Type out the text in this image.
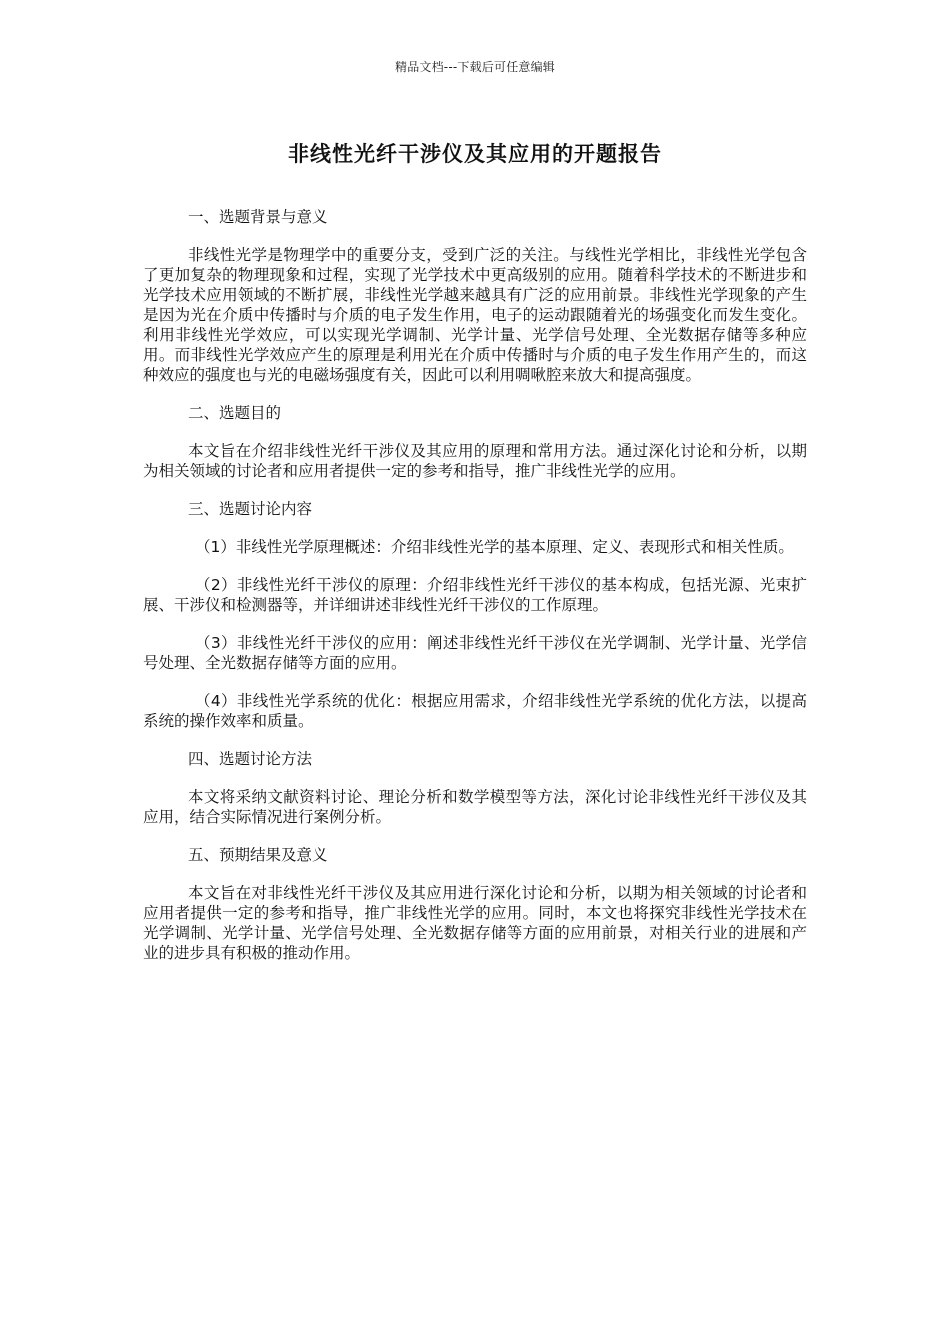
精品文档---下载后可任意编辑
非线性光纤干涉仪及其应用的开题报告
一、选题背景与意义
非线性光学是物理学中的重要分支，受到广泛的关注。与线性光学相比，非线性光学包含了更加复杂的物理现象和过程，实现了光学技术中更高级别的应用。随着科学技术的不断进步和光学技术应用领域的不断扩展，非线性光学越来越具有广泛的应用前景。非线性光学现象的产生是因为光在介质中传播时与介质的电子发生作用，电子的运动跟随着光的场强变化而发生变化。利用非线性光学效应，可以实现光学调制、光学计量、光学信号处理、全光数据存储等多种应用。而非线性光学效应产生的原理是利用光在介质中传播时与介质的电子发生作用产生的，而这种效应的强度也与光的电磁场强度有关，因此可以利用啁啾腔来放大和提高强度。
二、选题目的
本文旨在介绍非线性光纤干涉仪及其应用的原理和常用方法。通过深化讨论和分析，以期为相关领域的讨论者和应用者提供一定的参考和指导，推广非线性光学的应用。
三、选题讨论内容
（1）非线性光学原理概述：介绍非线性光学的基本原理、定义、表现形式和相关性质。
（2）非线性光纤干涉仪的原理：介绍非线性光纤干涉仪的基本构成，包括光源、光束扩展、干涉仪和检测器等，并详细讲述非线性光纤干涉仪的工作原理。
（3）非线性光纤干涉仪的应用：阐述非线性光纤干涉仪在光学调制、光学计量、光学信号处理、全光数据存储等方面的应用。
（4）非线性光学系统的优化：根据应用需求，介绍非线性光学系统的优化方法，以提高系统的操作效率和质量。
四、选题讨论方法
本文将采纳文献资料讨论、理论分析和数学模型等方法，深化讨论非线性光纤干涉仪及其应用，结合实际情况进行案例分析。
五、预期结果及意义
本文旨在对非线性光纤干涉仪及其应用进行深化讨论和分析，以期为相关领域的讨论者和应用者提供一定的参考和指导，推广非线性光学的应用。同时，本文也将探究非线性光学技术在光学调制、光学计量、光学信号处理、全光数据存储等方面的应用前景，对相关行业的进展和产业的进步具有积极的推动作用。
